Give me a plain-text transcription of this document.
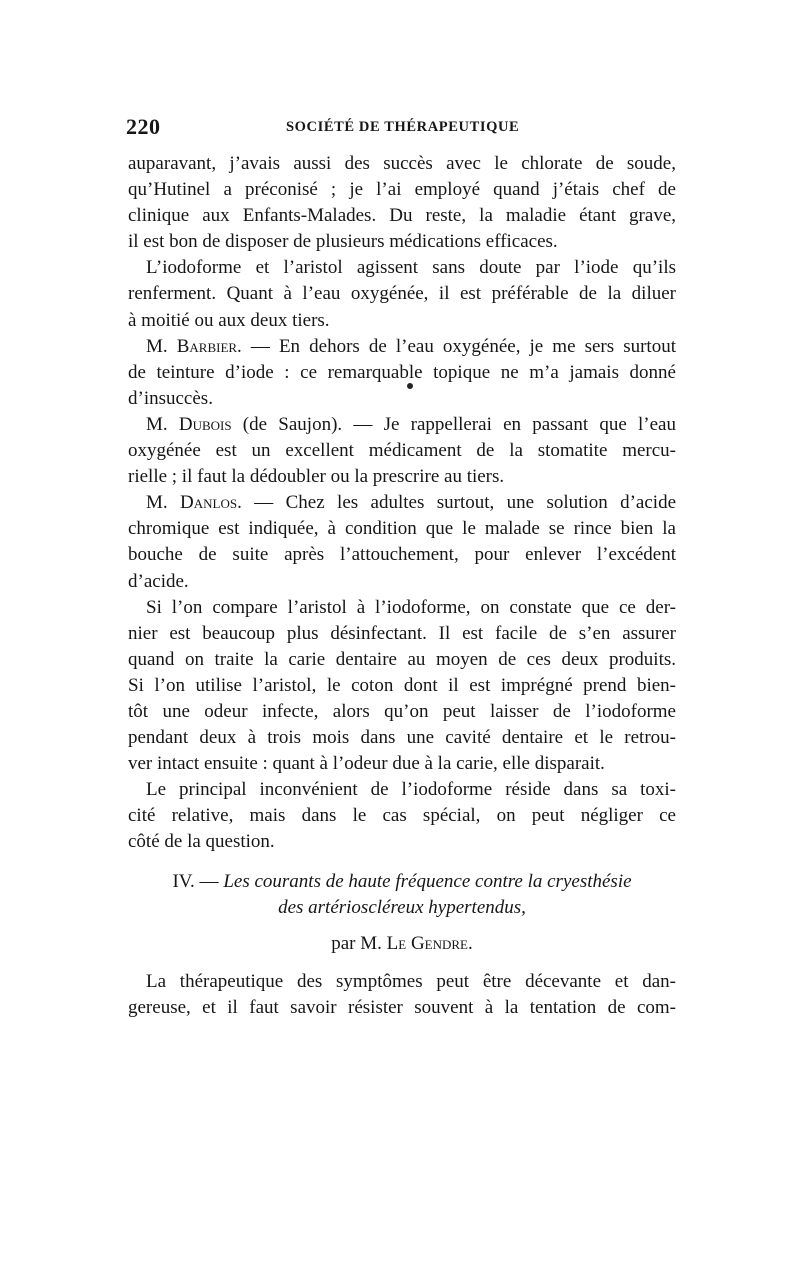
220	SOCIÉTÉ DE THÉRAPEUTIQUE
auparavant, j’avais aussi des succès avec le chlorate de soude,
qu’Hutinel a préconisé ; je l’ai employé quand j’étais chef de
clinique aux Enfants-Malades. Du reste, la maladie étant grave,
il est bon de disposer de plusieurs médications efficaces.
L’iodoforme et l’aristol agissent sans doute par l’iode qu’ils
renferment. Quant à l’eau oxygénée, il est préférable de la diluer
à moitié ou aux deux tiers.
M. Barbier. — En dehors de l’eau oxygénée, je me sers surtout
de teinture d’iode : ce remarquable topique ne m’a jamais donné
d’insuccès.
M. Dubois (de Saujon). — Je rappellerai en passant que l’eau
oxygénée est un excellent médicament de la stomatite mercu-
rielle ; il faut la dédoubler ou la prescrire au tiers.
M. Danlos. — Chez les adultes surtout, une solution d’acide
chromique est indiquée, à condition que le malade se rince bien la
bouche de suite après l’attouchement, pour enlever l’excédent
d’acide.
Si l’on compare l’aristol à l’iodoforme, on constate que ce der-
nier est beaucoup plus désinfectant. Il est facile de s’en assurer
quand on traite la carie dentaire au moyen de ces deux produits.
Si l’on utilise l’aristol, le coton dont il est imprégné prend bien-
tôt une odeur infecte, alors qu’on peut laisser de l’iodoforme
pendant deux à trois mois dans une cavité dentaire et le retrou-
ver intact ensuite : quant à l’odeur due à la carie, elle disparait.
Le principal inconvénient de l’iodoforme réside dans sa toxi-
cité relative, mais dans le cas spécial, on peut négliger ce
côté de la question.
IV. — Les courants de haute fréquence contre la cryesthésie
des artérioscléreux hypertendus,
par M. Le Gendre.
La thérapeutique des symptômes peut être décevante et dan-
gereuse, et il faut savoir résister souvent à la tentation de com-
